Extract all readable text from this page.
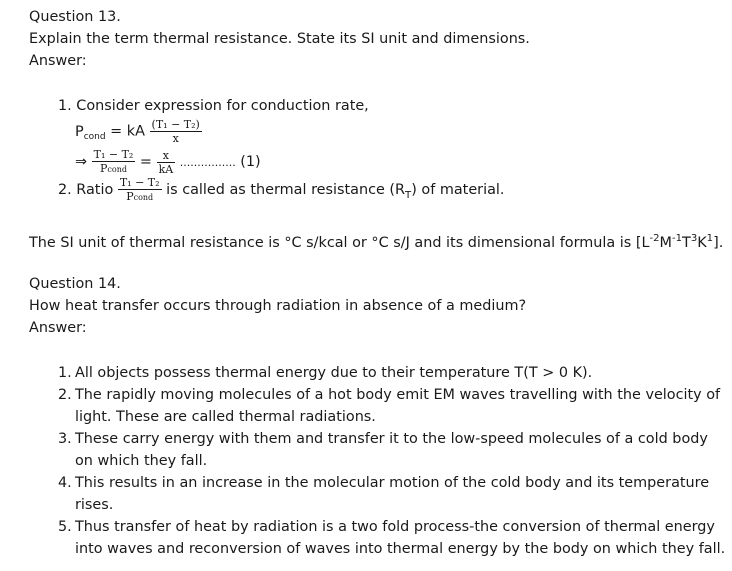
Question 13.
Explain the term thermal resistance. State its SI unit and dimensions.
Answer:
1. Consider expression for conduction rate,
$P_{cond}$ = kA $\frac{\text{(T₁ − T₂)}}{x}$
⇒ $\frac{\text{T₁ − T₂}}{\text{Pcond}} = \frac{x}{kA}$ ................ (1)
2. Ratio $\frac{\text{T₁ − T₂}}{\text{Pcond}}$ is called as thermal resistance $(R_T)$ of material.
The SI unit of thermal resistance is °C s/kcal or °C s/J and its dimensional formula is $[L^{-2}M^{-1}T^3K^1]$.
Question 14.
How heat transfer occurs through radiation in absence of a medium?
Answer:
1. All objects possess thermal energy due to their temperature T(T > 0 K).
2. The rapidly moving molecules of a hot body emit EM waves travelling with the velocity of
light. These are called thermal radiations.
3. These carry energy with them and transfer it to the low-speed molecules of a cold body
on which they fall.
4. This results in an increase in the molecular motion of the cold body and its temperature
rises.
5. Thus transfer of heat by radiation is a two fold process-the conversion of thermal energy
into waves and reconversion of waves into thermal energy by the body on which they fall.
